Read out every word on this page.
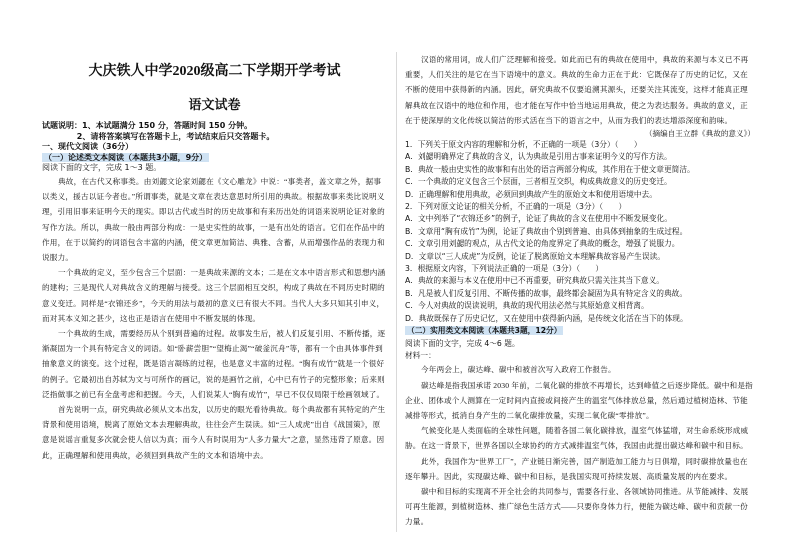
大庆铁人中学2020级高二下学期开学考试
语文试卷
试题说明：1、本试题满分 150 分，答题时间 150 分钟。
　　　　 2、请将答案填写在答题卡上，考试结束后只交答题卡。
一、现代文阅读（36分）
（一）论述类文本阅读（本题共3小题，9分）
阅读下面的文字，完成 1～3 题。

典故，在古代又称事类。由刘勰文论家刘勰在《文心雕龙》中说：“事类者，盖文章之外，据事以类义，援古以证今者也。”所谓事类，就是文章在表达意思时所引用的典故。根据故事来类比说明义理，引用旧事来证明今天的现实。即以古代或当时的历史故事和有来历出处的词语来说明论证对象的写作方法。所以，典故一般由两部分构成：一是史实性的故事，一是有出处的语言。它们在作品中的作用，在于以简约的词语包含丰富的内涵，使文章更加简洁、典雅、含蓄，从而增强作品的表现力和说服力。

一个典故的定义，至少包含三个层面：一是典故来源的文本；二是在文本中语言形式和思想内涵的建构；三是现代人对典故含义的理解与接受。这三个层面相互交织，构成了典故在不同历史时期的意义变迁。同样是“衣锦还乡”，今天的用法与最初的意义已有很大不同。当代人大多只知其引申义，而对其本义知之甚少，这也正是语言在使用中不断发展的体现。

一个典故的生成，需要经历从个别到普遍的过程。故事发生后，被人们反复引用、不断传播，逐渐凝固为一个具有特定含义的词语。如“卧薪尝胆”“望梅止渴”“破釜沉舟”等，都有一个由具体事件到抽象意义的演变。这个过程，既是语言凝练的过程，也是意义丰富的过程。“胸有成竹”就是一个很好的例子。它最初出自苏轼为文与可所作的画记，说的是画竹之前，心中已有竹子的完整形象；后来则泛指做事之前已有全盘考虑和把握。今天，人们说某人“胸有成竹”，早已不仅仅局限于绘画领域了。

首先说明一点，研究典故必须从文本出发，以历史的眼光看待典故。每个典故都有其特定的产生背景和使用语境，脱离了原始文本去理解典故，往往会产生误读。如“三人成虎”出自《战国策》，原意是说谣言重复多次就会使人信以为真；而今人有时误用为“人多力量大”之意，显然违背了原意。因此，正确理解和使用典故，必须回到典故产生的文本和语境中去。

汉语的常用词，成人们广泛理解和接受。如此而已有的典故在使用中，典故的来源与本义已不再重要，人们关注的是它在当下语境中的意义。典故的生命力正在于此：它既保存了历史的记忆，又在不断的使用中获得新的内涵。因此，研究典故不仅要追溯其源头，还要关注其流变，这样才能真正理解典故在汉语中的地位和作用，也才能在写作中恰当地运用典故，使之为表达服务。典故的意义，正在于使深厚的文化传统以简洁的形式活在当下的语言之中，从而为我们的表达增添深度和韵味。

（摘编自王立群《典故的意义》）
1．下列关于原文内容的理解和分析，不正确的一项是（3分）（　　）
A．刘勰明确界定了典故的含义，认为典故是引用古事来证明今义的写作方法。
B．典故一般由史实性的故事和有出处的语言两部分构成，其作用在于使文章更简洁。
C．一个典故的定义包含三个层面，三者相互交织，构成典故意义的历史变迁。
D．正确理解和使用典故，必须回到典故产生的原始文本和使用语境中去。
2．下列对原文论证的相关分析，不正确的一项是（3分）（　　）
A．文中列举了“衣锦还乡”的例子，论证了典故的含义在使用中不断发展变化。
B．文章用“胸有成竹”为例，论证了典故由个别到普遍、由具体到抽象的生成过程。
C．文章引用刘勰的观点，从古代文论的角度界定了典故的概念，增强了说服力。
D．文章以“三人成虎”为反例，论证了脱离原始文本理解典故容易产生误读。
3．根据原文内容，下列说法正确的一项是（3分）（　　）
A．典故的来源与本义在使用中已不再重要，研究典故只需关注其当下意义。
B．凡是被人们反复引用、不断传播的故事，最终都会凝固为具有特定含义的典故。
C．今人对典故的误读说明，典故的现代用法必然与其原始意义相背离。
D．典故既保存了历史记忆，又在使用中获得新内涵，是传统文化活在当下的体现。
（二）实用类文本阅读（本题共3题，12分）
阅读下面的文字，完成 4～6 题。
材料一：

今年两会上，碳达峰、碳中和被首次写入政府工作报告。

碳达峰是指我国承诺 2030 年前，二氧化碳的排放不再增长，达到峰值之后逐步降低。碳中和是指企业、团体或个人测算在一定时间内直接或间接产生的温室气体排放总量，然后通过植树造林、节能减排等形式，抵消自身产生的二氧化碳排放量，实现二氧化碳“零排放”。

气候变化是人类面临的全球性问题，随着各国二氧化碳排放，温室气体猛增，对生命系统形成威胁。在这一背景下，世界各国以全球协约的方式减排温室气体，我国由此提出碳达峰和碳中和目标。

此外，我国作为“世界工厂”，产业链日渐完善，国产制造加工能力与日俱增，同时碳排放量也在逐年攀升。因此，实现碳达峰、碳中和目标，是我国实现可持续发展、高质量发展的内在要求。

碳中和目标的实现离不开全社会的共同参与，需要各行业、各领域协同推进。从节能减排、发展可再生能源，到植树造林、推广绿色生活方式——只要你身体力行，便能为碳达峰、碳中和贡献一份力量。
